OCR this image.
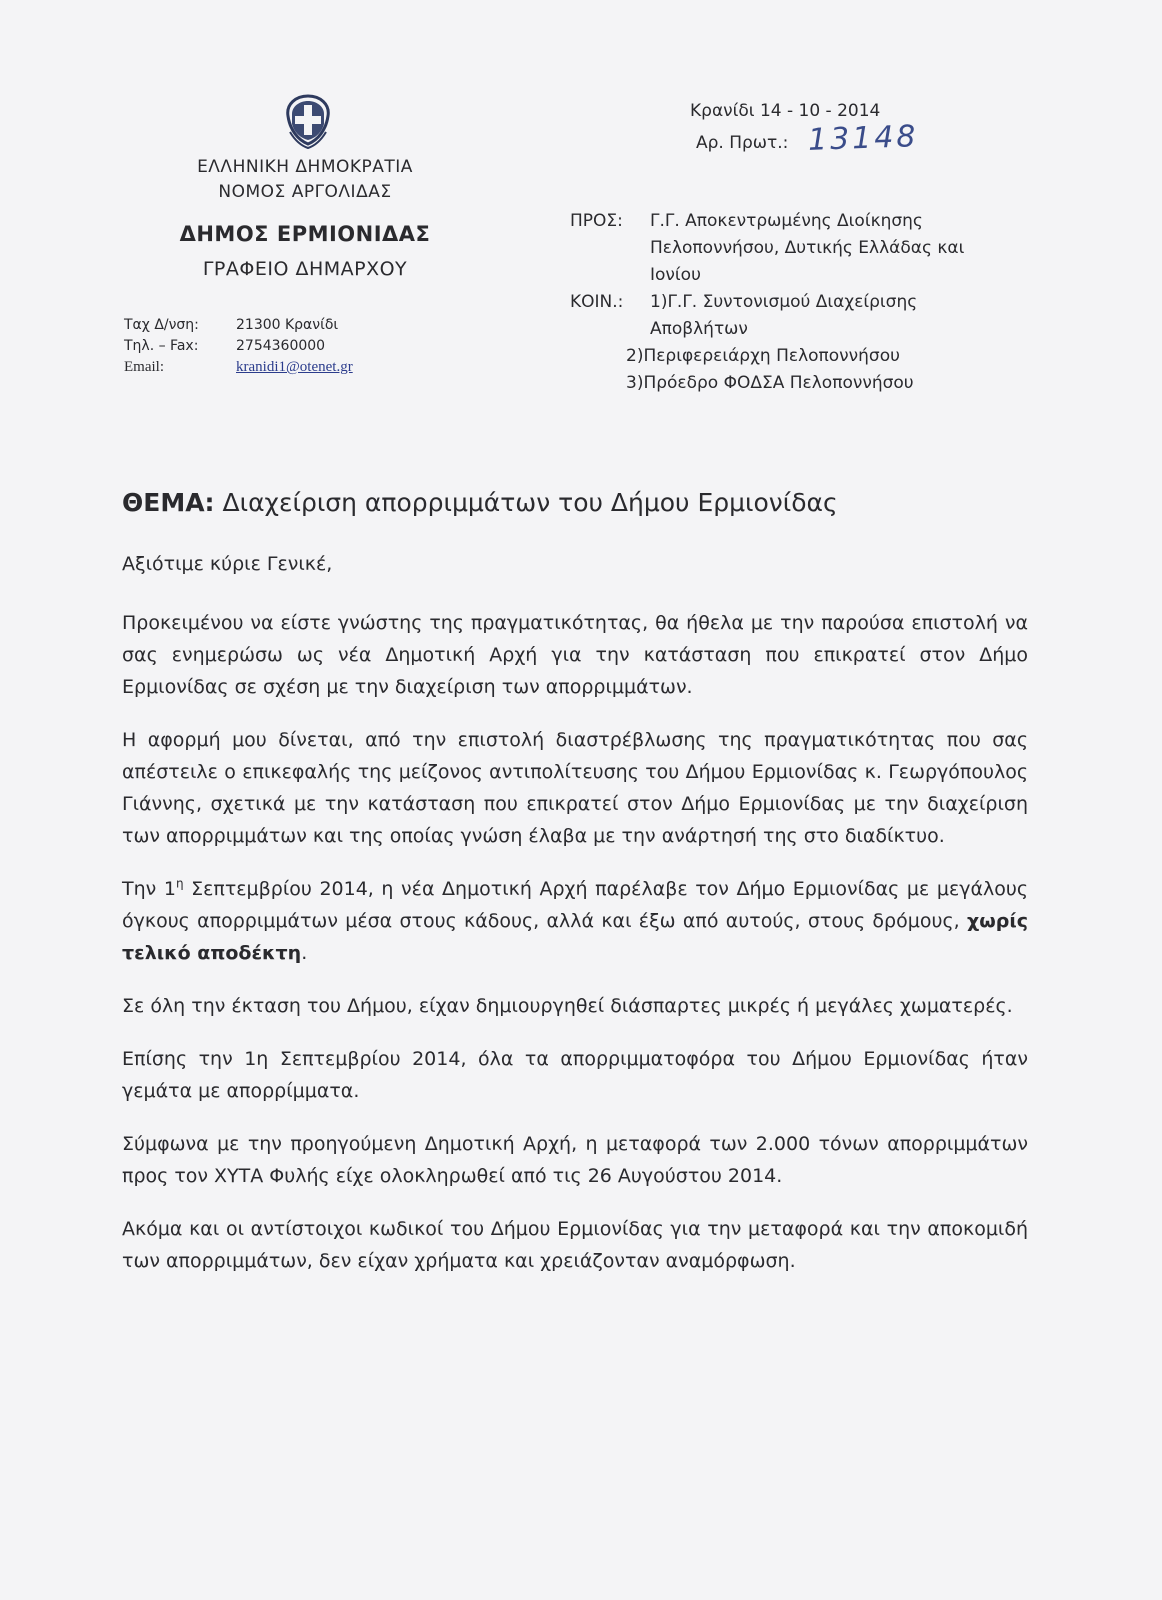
ΕΛΛΗΝΙΚΗ ΔΗΜΟΚΡΑΤΙΑ
ΝΟΜΟΣ ΑΡΓΟΛΙΔΑΣ
ΔΗΜΟΣ ΕΡΜΙΟΝΙΔΑΣ
ΓΡΑΦΕΙΟ ΔΗΜΑΡΧΟΥ
Ταχ Δ/νση:	21300 Κρανίδι
Τηλ. – Fax:	2754360000
Email:	kranidi1@otenet.gr
Κρανίδι 14 - 10 - 2014
Αρ. Πρωτ.: 13148
ΠΡΟΣ:	Γ.Γ. Αποκεντρωμένης Διοίκησης
Πελοποννήσου, Δυτικής Ελλάδας και
Ιονίου
ΚΟΙΝ.:	1)Γ.Γ. Συντονισμού Διαχείρισης
Αποβλήτων
2)Περιφερειάρχη Πελοποννήσου
3)Πρόεδρο ΦΟΔΣΑ Πελοποννήσου
ΘΕΜΑ: Διαχείριση απορριμμάτων του Δήμου Ερμιονίδας

Αξιότιμε κύριε Γενικέ,

Προκειμένου να είστε γνώστης της πραγματικότητας, θα ήθελα με την παρούσα επιστολή να σας ενημερώσω ως νέα Δημοτική Αρχή για την κατάσταση που επικρατεί στον Δήμο Ερμιονίδας σε σχέση με την διαχείριση των απορριμμάτων.

Η αφορμή μου δίνεται, από την επιστολή διαστρέβλωσης της πραγματικότητας που σας απέστειλε ο επικεφαλής της μείζονος αντιπολίτευσης του Δήμου Ερμιονίδας κ. Γεωργόπουλος Γιάννης, σχετικά με την κατάσταση που επικρατεί στον Δήμο Ερμιονίδας με την διαχείριση των απορριμμάτων και της οποίας γνώση έλαβα με την ανάρτησή της στο διαδίκτυο.

Την $1^\eta$ Σεπτεμβρίου 2014, η νέα Δημοτική Αρχή παρέλαβε τον Δήμο Ερμιονίδας με μεγάλους όγκους απορριμμάτων μέσα στους κάδους, αλλά και έξω από αυτούς, στους δρόμους, χωρίς τελικό αποδέκτη.

Σε όλη την έκταση του Δήμου, είχαν δημιουργηθεί διάσπαρτες μικρές ή μεγάλες χωματερές.

Επίσης την 1η Σεπτεμβρίου 2014, όλα τα απορριμματοφόρα του Δήμου Ερμιονίδας ήταν γεμάτα με απορρίμματα.

Σύμφωνα με την προηγούμενη Δημοτική Αρχή, η μεταφορά των 2.000 τόνων απορριμμάτων προς τον ΧΥΤΑ Φυλής είχε ολοκληρωθεί από τις 26 Αυγούστου 2014.

Ακόμα και οι αντίστοιχοι κωδικοί του Δήμου Ερμιονίδας για την μεταφορά και την αποκομιδή των απορριμμάτων, δεν είχαν χρήματα και χρειάζονταν αναμόρφωση.
